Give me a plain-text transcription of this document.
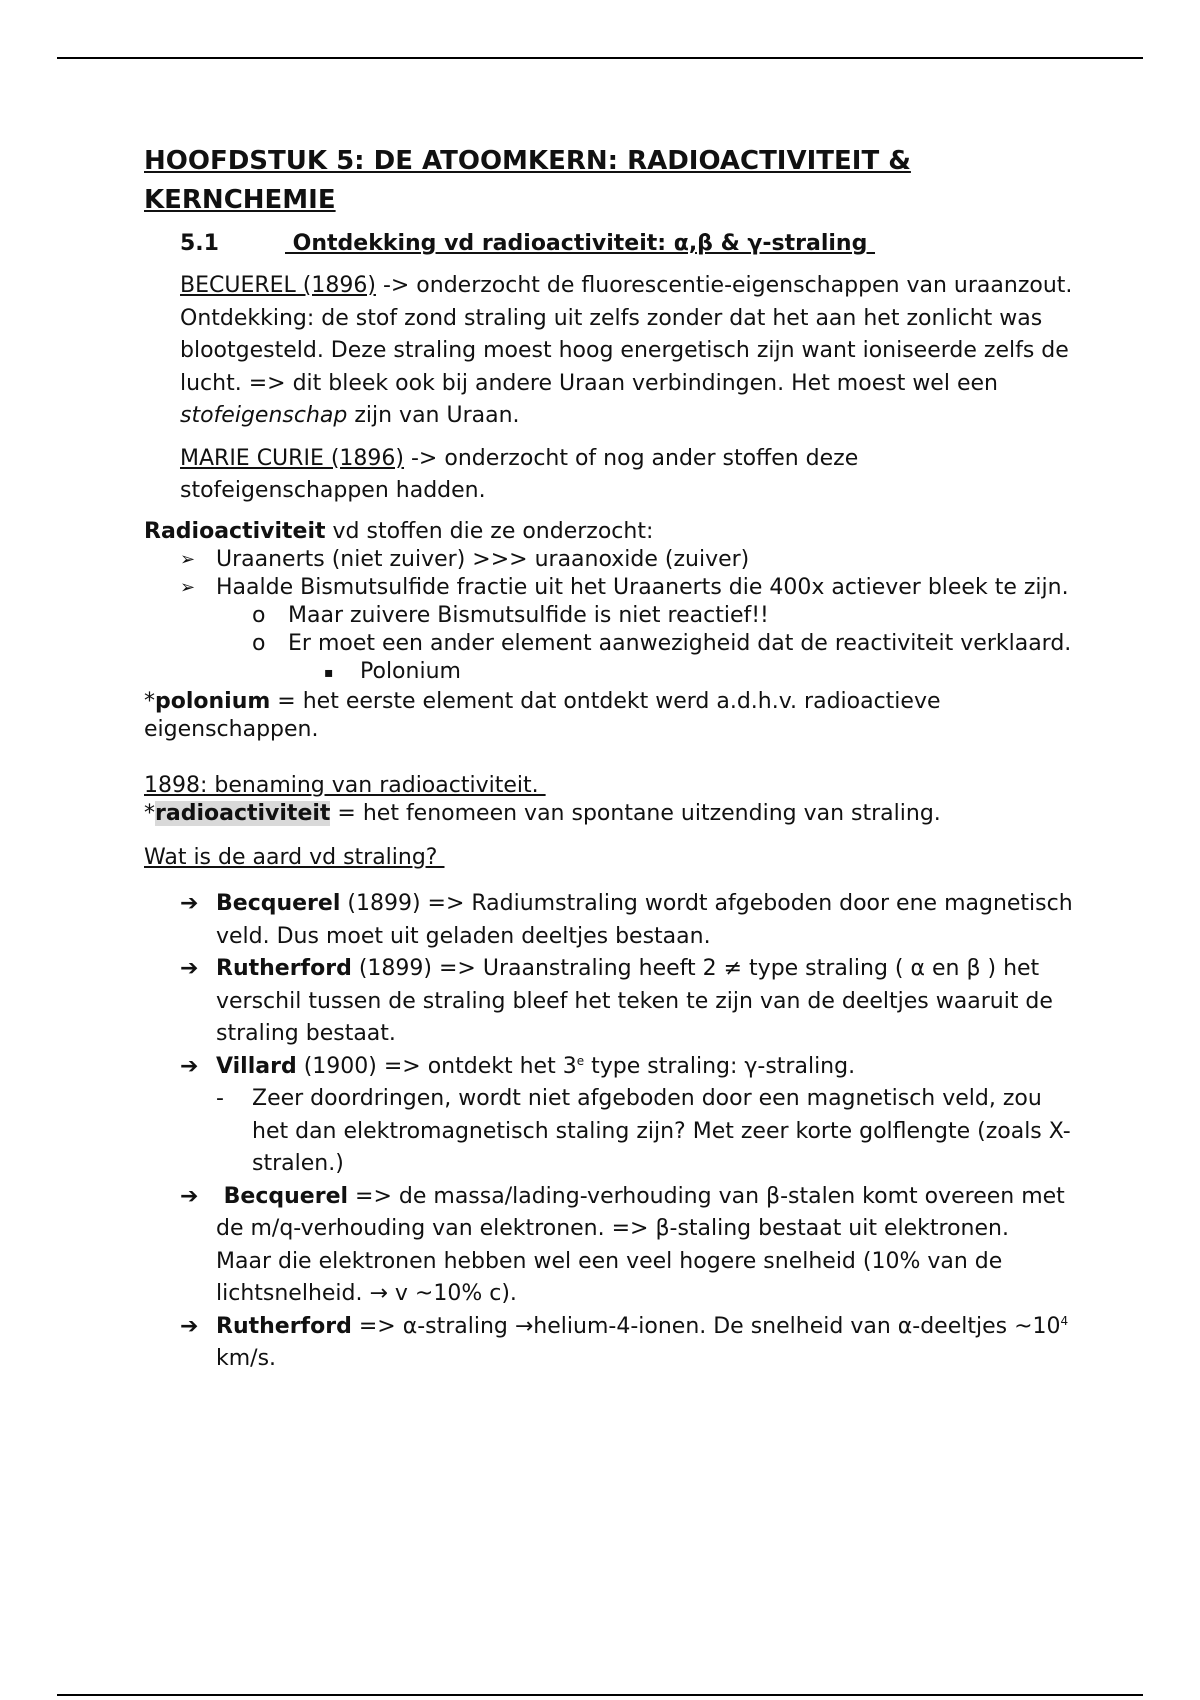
HOOFDSTUK 5: DE ATOOMKERN: RADIOACTIVITEIT & KERNCHEMIE
5.1	Ontdekking vd radioactiviteit: α,β & γ-straling

BECUEREL (1896) -> onderzocht de fluorescentie-eigenschappen van uraanzout. Ontdekking: de stof zond straling uit zelfs zonder dat het aan het zonlicht was blootgesteld. Deze straling moest hoog energetisch zijn want ioniseerde zelfs de lucht. => dit bleek ook bij andere Uraan verbindingen. Het moest wel een stofeigenschap zijn van Uraan.

MARIE CURIE (1896) -> onderzocht of nog ander stoffen deze stofeigenschappen hadden.

Radioactiviteit vd stoffen die ze onderzocht:
➢ Uraanerts (niet zuiver) >>> uraanoxide (zuiver)
➢ Haalde Bismutsulfide fractie uit het Uraanerts die 400x actiever bleek te zijn.
o	Maar zuivere Bismutsulfide is niet reactief!!
o	Er moet een ander element aanwezigheid dat de reactiviteit verklaard.
▪	Polonium
*polonium = het eerste element dat ontdekt werd a.d.h.v. radioactieve eigenschappen.
1898: benaming van radioactiviteit.
*radioactiviteit = het fenomeen van spontane uitzending van straling.

Wat is de aard vd straling?

➔ Becquerel (1899) => Radiumstraling wordt afgeboden door ene magnetisch veld. Dus moet uit geladen deeltjes bestaan.
➔ Rutherford (1899) => Uraanstraling heeft 2 ≠ type straling ( α en β ) het verschil tussen de straling bleef het teken te zijn van de deeltjes waaruit de straling bestaat.
➔ Villard (1900) => ontdekt het 3e type straling: γ-straling.
-	Zeer doordringen, wordt niet afgeboden door een magnetisch veld, zou het dan elektromagnetisch staling zijn? Met zeer korte golflengte (zoals X-stralen.)
➔ Becquerel => de massa/lading-verhouding van β-stalen komt overeen met de m/q-verhouding van elektronen. => β-staling bestaat uit elektronen.
Maar die elektronen hebben wel een veel hogere snelheid (10% van de lichtsnelheid. → v ~10% c).
➔ Rutherford => α-straling →helium-4-ionen. De snelheid van α-deeltjes $\sim 10^4$ km/s.
